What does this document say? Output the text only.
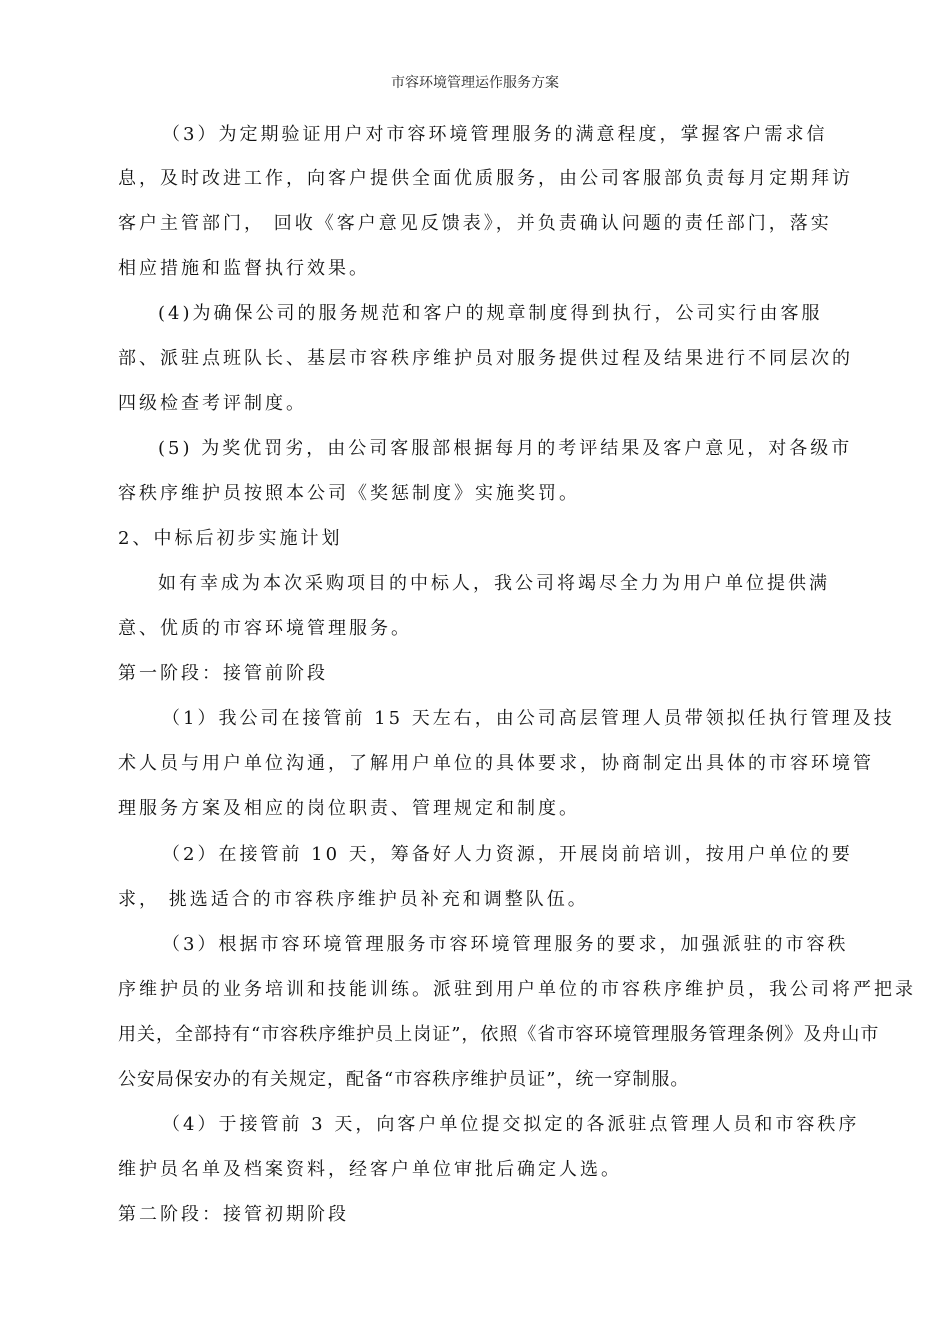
市容环境管理运作服务方案
（3）为定期验证用户对市容环境管理服务的满意程度，掌握客户需求信
息，及时改进工作，向客户提供全面优质服务，由公司客服部负责每月定期拜访
客户主管部门， 回收《客户意见反馈表》，并负责确认问题的责任部门，落实
相应措施和监督执行效果。
(4)为确保公司的服务规范和客户的规章制度得到执行，公司实行由客服
部、派驻点班队长、基层市容秩序维护员对服务提供过程及结果进行不同层次的
四级检查考评制度。
(5) 为奖优罚劣，由公司客服部根据每月的考评结果及客户意见，对各级市
容秩序维护员按照本公司《奖惩制度》实施奖罚。
2、中标后初步实施计划
如有幸成为本次采购项目的中标人，我公司将竭尽全力为用户单位提供满
意、优质的市容环境管理服务。
第一阶段：接管前阶段
（1）我公司在接管前 15 天左右，由公司高层管理人员带领拟任执行管理及技
术人员与用户单位沟通，了解用户单位的具体要求，协商制定出具体的市容环境管
理服务方案及相应的岗位职责、管理规定和制度。
（2）在接管前 10 天，筹备好人力资源，开展岗前培训，按用户单位的要
求， 挑选适合的市容秩序维护员补充和调整队伍。
（3）根据市容环境管理服务市容环境管理服务的要求，加强派驻的市容秩
序维护员的业务培训和技能训练。派驻到用户单位的市容秩序维护员，我公司将严把录
用关，全部持有“市容秩序维护员上岗证”，依照《省市容环境管理服务管理条例》及舟山市
公安局保安办的有关规定，配备“市容秩序维护员证”，统一穿制服。
（4）于接管前 3 天，向客户单位提交拟定的各派驻点管理人员和市容秩序
维护员名单及档案资料，经客户单位审批后确定人选。
第二阶段：接管初期阶段
